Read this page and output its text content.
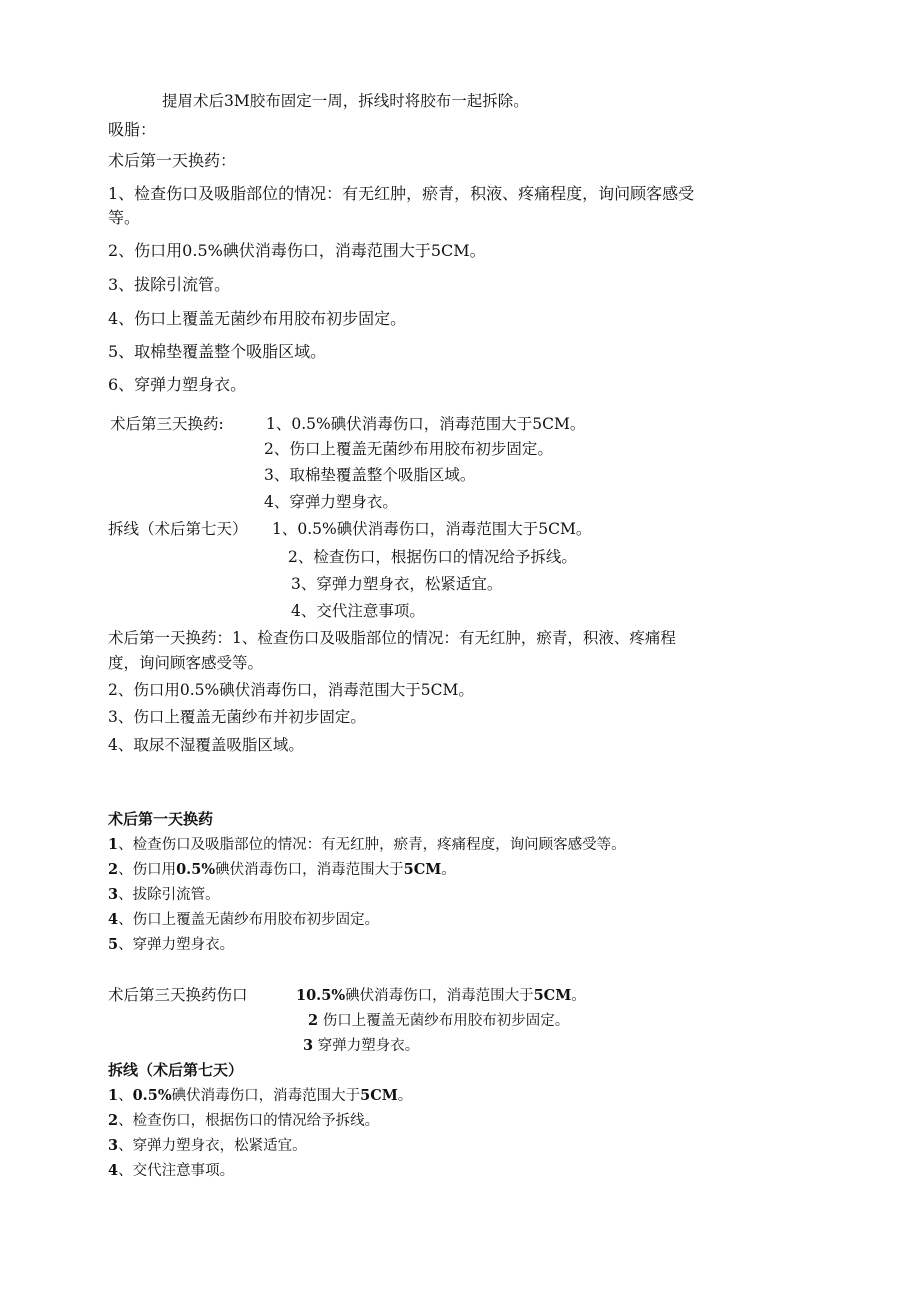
提眉术后3M胶布固定一周，拆线时将胶布一起拆除。
吸脂：
术后第一天换药：
1、检查伤口及吸脂部位的情况：有无红肿，瘀青，积液、疼痛程度，询问顾客感受
等。
2、伤口用0.5%碘伏消毒伤口，消毒范围大于5CM。
3、拔除引流管。
4、伤口上覆盖无菌纱布用胶布初步固定。
5、取棉垫覆盖整个吸脂区域。
6、穿弹力塑身衣。
术后第三天换药:	1、0.5%碘伏消毒伤口，消毒范围大于5CM。
2、伤口上覆盖无菌纱布用胶布初步固定。
3、取棉垫覆盖整个吸脂区域。
4、穿弹力塑身衣。
拆线（术后第七天） 1、0.5%碘伏消毒伤口，消毒范围大于5CM。
2、检查伤口，根据伤口的情况给予拆线。
3、穿弹力塑身衣，松紧适宜。
4、交代注意事项。
术后第一天换药：1、检查伤口及吸脂部位的情况：有无红肿，瘀青，积液、疼痛程
度，询问顾客感受等。
2、伤口用0.5%碘伏消毒伤口，消毒范围大于5CM。
3、伤口上覆盖无菌纱布并初步固定。
4、取尿不湿覆盖吸脂区域。
术后第一天换药
1、检查伤口及吸脂部位的情况：有无红肿，瘀青，疼痛程度，询问顾客感受等。
2、伤口用0.5%碘伏消毒伤口，消毒范围大于5CM。
3、拔除引流管。
4、伤口上覆盖无菌纱布用胶布初步固定。
5、穿弹力塑身衣。
术后第三天换药伤口	10.5%碘伏消毒伤口，消毒范围大于5CM。
2 伤口上覆盖无菌纱布用胶布初步固定。
3 穿弹力塑身衣。
拆线（术后第七天）
1、0.5%碘伏消毒伤口，消毒范围大于5CM。
2、检查伤口，根据伤口的情况给予拆线。
3、穿弹力塑身衣，松紧适宜。
4、交代注意事项。
